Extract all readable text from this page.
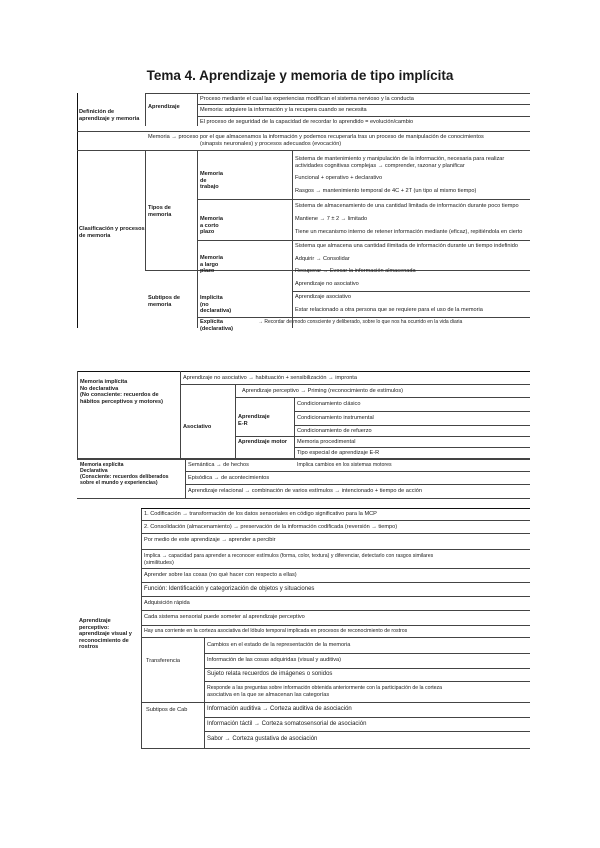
Tema 4. Aprendizaje y memoria de tipo implícita
Definición de aprendizaje y memoria
Aprendizaje
Proceso mediante el cual las experiencias modifican el sistema nervioso y la conducta
Memoria: adquiere la información y la recupera cuando se necesita
El proceso de seguridad de la capacidad de recordar lo aprendido = evolución/cambio
Memoria → proceso por el que almacenamos la información y podemos recuperarla tras un proceso de manipulación de conocimientos
(sinapsis neuronales) y procesos adecuados (evocación)
Clasificación y procesos de memoria
Tipos de memoria
Memoria de trabajo
Sistema de mantenimiento y manipulación de la información, necesaria para realizar
actividades cognitivas complejas → comprender, razonar y planificar
Funcional + operativo + declarativo
Rasgos → mantenimiento temporal de 4C + 2T (un tipo al mismo tiempo)
Memoria a corto plazo
Sistema de almacenamiento de una cantidad limitada de información durante poco tiempo
Mantiene → 7 ± 2 → limitado
Tiene un mecanismo interno de retener información mediante (eficaz), repitiéndola en cierto
Memoria a largo plazo
Sistema que almacena una cantidad ilimitada de información durante un tiempo indefinido
Adquirir → Consolidar
Recuperar → Evocar la información almacenada
Subtipos de memoria
Implícita (no declarativa)
Aprendizaje no asociativo
Aprendizaje asociativo
Estar relacionado a otra persona que se requiere para el uso de la memoria
Explícita (declarativa)
→ Recordar de modo consciente y deliberado, sobre lo que nos ha ocurrido en la vida diaria
Memoria implícita
No declarativa
(No consciente: recuerdos de hábitos perceptivos y motores)
Aprendizaje no asociativo → habituación + sensibilización → impronta
Asociativo
Aprendizaje perceptivo → Priming (reconocimiento de estímulos)
Aprendizaje E-R
Condicionamiento clásico
Condicionamiento instrumental
Condicionamiento de refuerzo
Aprendizaje motor	Memoria procedimental
Tipo especial de aprendizaje E-R
Implica cambios en los sistemas motores
Memoria explícita
Declarativa
(Consciente: recuerdos deliberados sobre el mundo y experiencias)
Semántica → de hechos
Episódica → de acontecimientos
Aprendizaje relacional → combinación de varios estímulos → intencionado + tiempo de acción
1. Codificación → transformación de los datos sensoriales en código significativo para la MCP
2. Consolidación (almacenamiento) → preservación de la información codificada (reversión → tiempo)
Aprendizaje perceptivo: aprendizaje visual y reconocimiento de rostros
Por medio de este aprendizaje → aprender a percibir
Implica → capacidad para aprender a reconocer estímulos (forma, color, textura) y diferenciar, detectarlo con rasgos similares
(similitudes)
Aprender sobre las cosas (no qué hacer con respecto a ellas)
Función: Identificación y categorización de objetos y situaciones
Adquisición rápida
Cada sistema sensorial puede someter al aprendizaje perceptivo
Hay una corriente en la corteza asociativa del lóbulo temporal implicada en procesos de reconocimiento de rostros
Transferencia
Cambios en el estado de la representación de la memoria
Información de las cosas adquiridas (visual y auditiva)
Sujeto relata recuerdos de imágenes o sonidos
Responde a las preguntas sobre información obtenida anteriormente con la participación de la corteza
asociativa en la que se almacenan las categorías
Subtipos de Cab	Información auditiva → Corteza auditiva de asociación
Información táctil → Corteza somatosensorial de asociación
Sabor → Corteza gustativa de asociación
